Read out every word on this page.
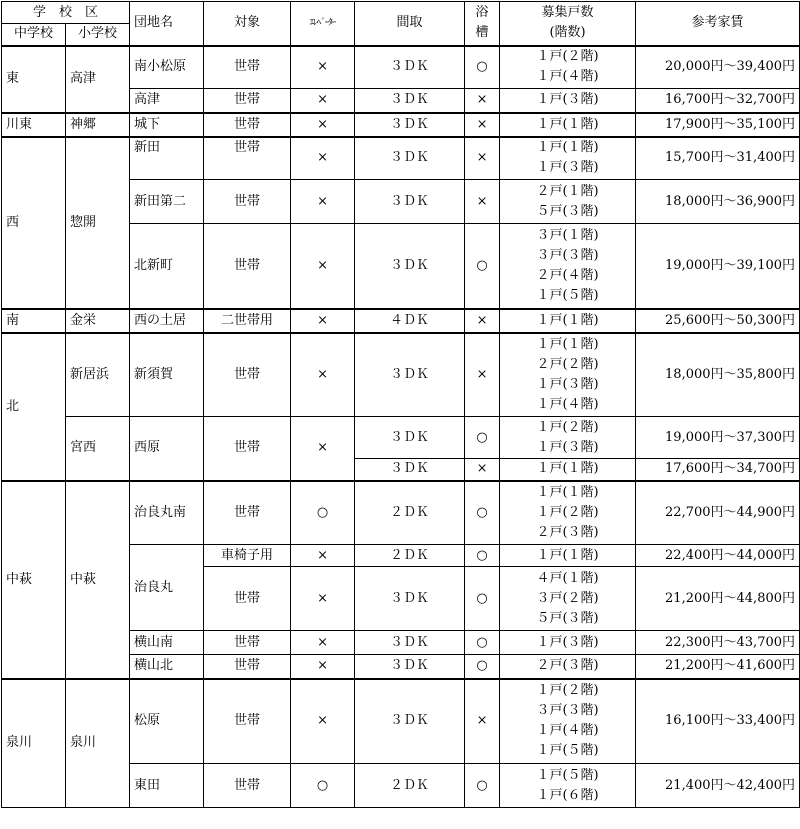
学　校　区		団地名	対象	ｴﾚﾍﾞｰﾀｰ	間取	浴
槽	募集戸数
(階数)	参考家賃
中学校	小学校							
東	高津	南小松原	世帯	×	３ＤＫ	○	１戸(２階)
１戸(４階)	20,000円～39,400円
		高津	世帯	×	３ＤＫ	×	１戸(３階)	16,700円～32,700円
川東	神郷	城下	世帯	×	３ＤＫ	×	１戸(１階)	17,900円～35,100円
西	惣開	新田	世帯	×	３ＤＫ	×	１戸(１階)
１戸(３階)	15,700円～31,400円
		新田第二	世帯	×	３ＤＫ	×	２戸(１階)
５戸(３階)	18,000円～36,900円
		北新町	世帯	×	３ＤＫ	○	３戸(１階)
３戸(３階)
２戸(４階)
１戸(５階)	19,000円～39,100円
南	金栄	西の土居	二世帯用	×	４ＤＫ	×	１戸(１階)	25,600円～50,300円
北	新居浜	新須賀	世帯	×	３ＤＫ	×	１戸(１階)
２戸(２階)
１戸(３階)
１戸(４階)	18,000円～35,800円
	宮西	西原	世帯	×	３ＤＫ	○	１戸(２階)
１戸(３階)	19,000円～37,300円
					３ＤＫ	×	１戸(１階)	17,600円～34,700円
中萩	中萩	治良丸南	世帯	○	２ＤＫ	○	１戸(１階)
１戸(２階)
２戸(３階)	22,700円～44,900円
		治良丸	車椅子用	×	２ＤＫ	○	１戸(１階)	22,400円～44,000円
			世帯	×	３ＤＫ	○	４戸(１階)
３戸(２階)
５戸(３階)	21,200円～44,800円
		横山南	世帯	×	３ＤＫ	○	１戸(３階)	22,300円～43,700円
		横山北	世帯	×	３ＤＫ	○	２戸(３階)	21,200円～41,600円
泉川	泉川	松原	世帯	×	３ＤＫ	×	１戸(２階)
３戸(３階)
１戸(４階)
１戸(５階)	16,100円～33,400円
		東田	世帯	○	２ＤＫ	○	１戸(５階)
１戸(６階)	21,400円～42,400円
